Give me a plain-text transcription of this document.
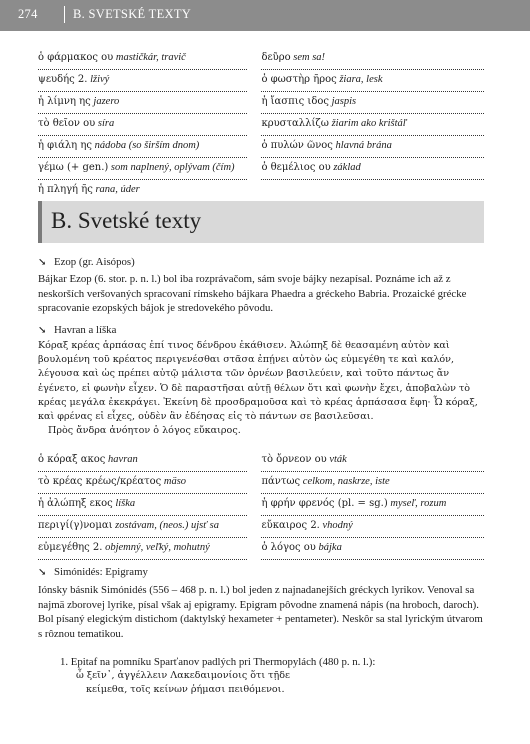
274	B. SVETSKÉ TEXTY
ὁ φάρμακος ου mastičkár, travič	δεῦρο sem sa!
ψευδής 2. lživý	ὁ φωστὴρ ῆρος žiara, lesk
ἡ λίμνη ης jazero	ἡ ἴασπις ιδος jaspis
τὸ θεῖον ου síra	κρυσταλλίζω žiarim ako krištáľ
ἡ φιάλη ης nádoba (so širším dnom)	ὁ πυλών ῶνος hlavná brána
γέμω (+ gen.) som naplnený, oplývam (čím)	ὁ θεμέλιος ου základ
ἡ πληγή ῆς rana, úder
B. Svetské texty
↘ Ezop (gr. Aisópos)
Bájkar Ezop (6. stor. p. n. l.) bol iba rozprávačom, sám svoje bájky nezapísal. Poznáme ich až z neskorších veršovaných spracovaní rímskeho bájkara Phaedra a gréckeho Babria. Prozaické grécke spracovanie ezopských bájok je stredovekého pôvodu.
↘ Havran a líška
Κόραξ κρέας ἁρπάσας ἐπί τινος δένδρου ἐκάθισεν. Ἀλώπηξ δὲ θεασαμένη αὐτὸν καὶ
βουλομένη τοῦ κρέατος περιγενέσθαι στᾶσα ἐπῄνει αὐτὸν ὡς εὐμεγέθη τε καὶ καλόν,
λέγουσα καὶ ὡς πρέπει αὐτῷ μάλιστα τῶν ὀρνέων βασιλεύειν, καὶ τοῦτο πάντως ἄν
ἐγένετο, εἰ φωνὴν εἶχεν. Ὁ δὲ παραστῆσαι αὐτῇ θέλων ὅτι καὶ φωνὴν ἔχει, ἀποβαλὼν τὸ
κρέας μεγάλα ἐκεκράγει. Ἐκείνη δὲ προσδραμοῦσα καὶ τὸ κρέας ἁρπάσασα ἔφη· Ὦ κόραξ,
καὶ φρένας εἰ εἶχες, οὐδὲν ἂν ἐδέησας εἰς τὸ πάντων σε βασιλεῦσαι.
Πρὸς ἄνδρα ἀνόητον ὁ λόγος εὔκαιρος.
ὁ κόραξ ακος havran	τὸ ὄρνεον ου vták
τὸ κρέας κρέως/κρέατος mäso	πάντως celkom, naskrze, iste
ἡ ἀλώπηξ εκος líška	ἡ φρήν φρενός (pl. = sg.) myseľ, rozum
περιγί(γ)νομαι zostávam, (neos.) ujsť sa	εὔκαιρος 2. vhodný
εὐμεγέθης 2. objemný, veľký, mohutný	ὁ λόγος ου bájka
↘ Simónidés: Epigramy
Iónsky básnik Simónidés (556 – 468 p. n. l.) bol jeden z najnadanejších gréckych lyrikov. Venoval sa najmä zborovej lyrike, písal však aj epigramy. Epigram pôvodne znamená nápis (na hroboch, daroch). Bol písaný elegickým distichom (daktylský hexameter + pentameter). Neskôr sa stal lyrickým útvarom s rôznou tematikou.
1. Epitaf na pomníku Sparťanov padlých pri Thermopylách (480 p. n. l.):
ὦ ξεῖν᾽, ἀγγέλλειν Λακεδαιμονίοις ὅτι τῇδε
κείμεθα, τοῖς κείνων ῥήμασι πειθόμενοι.
